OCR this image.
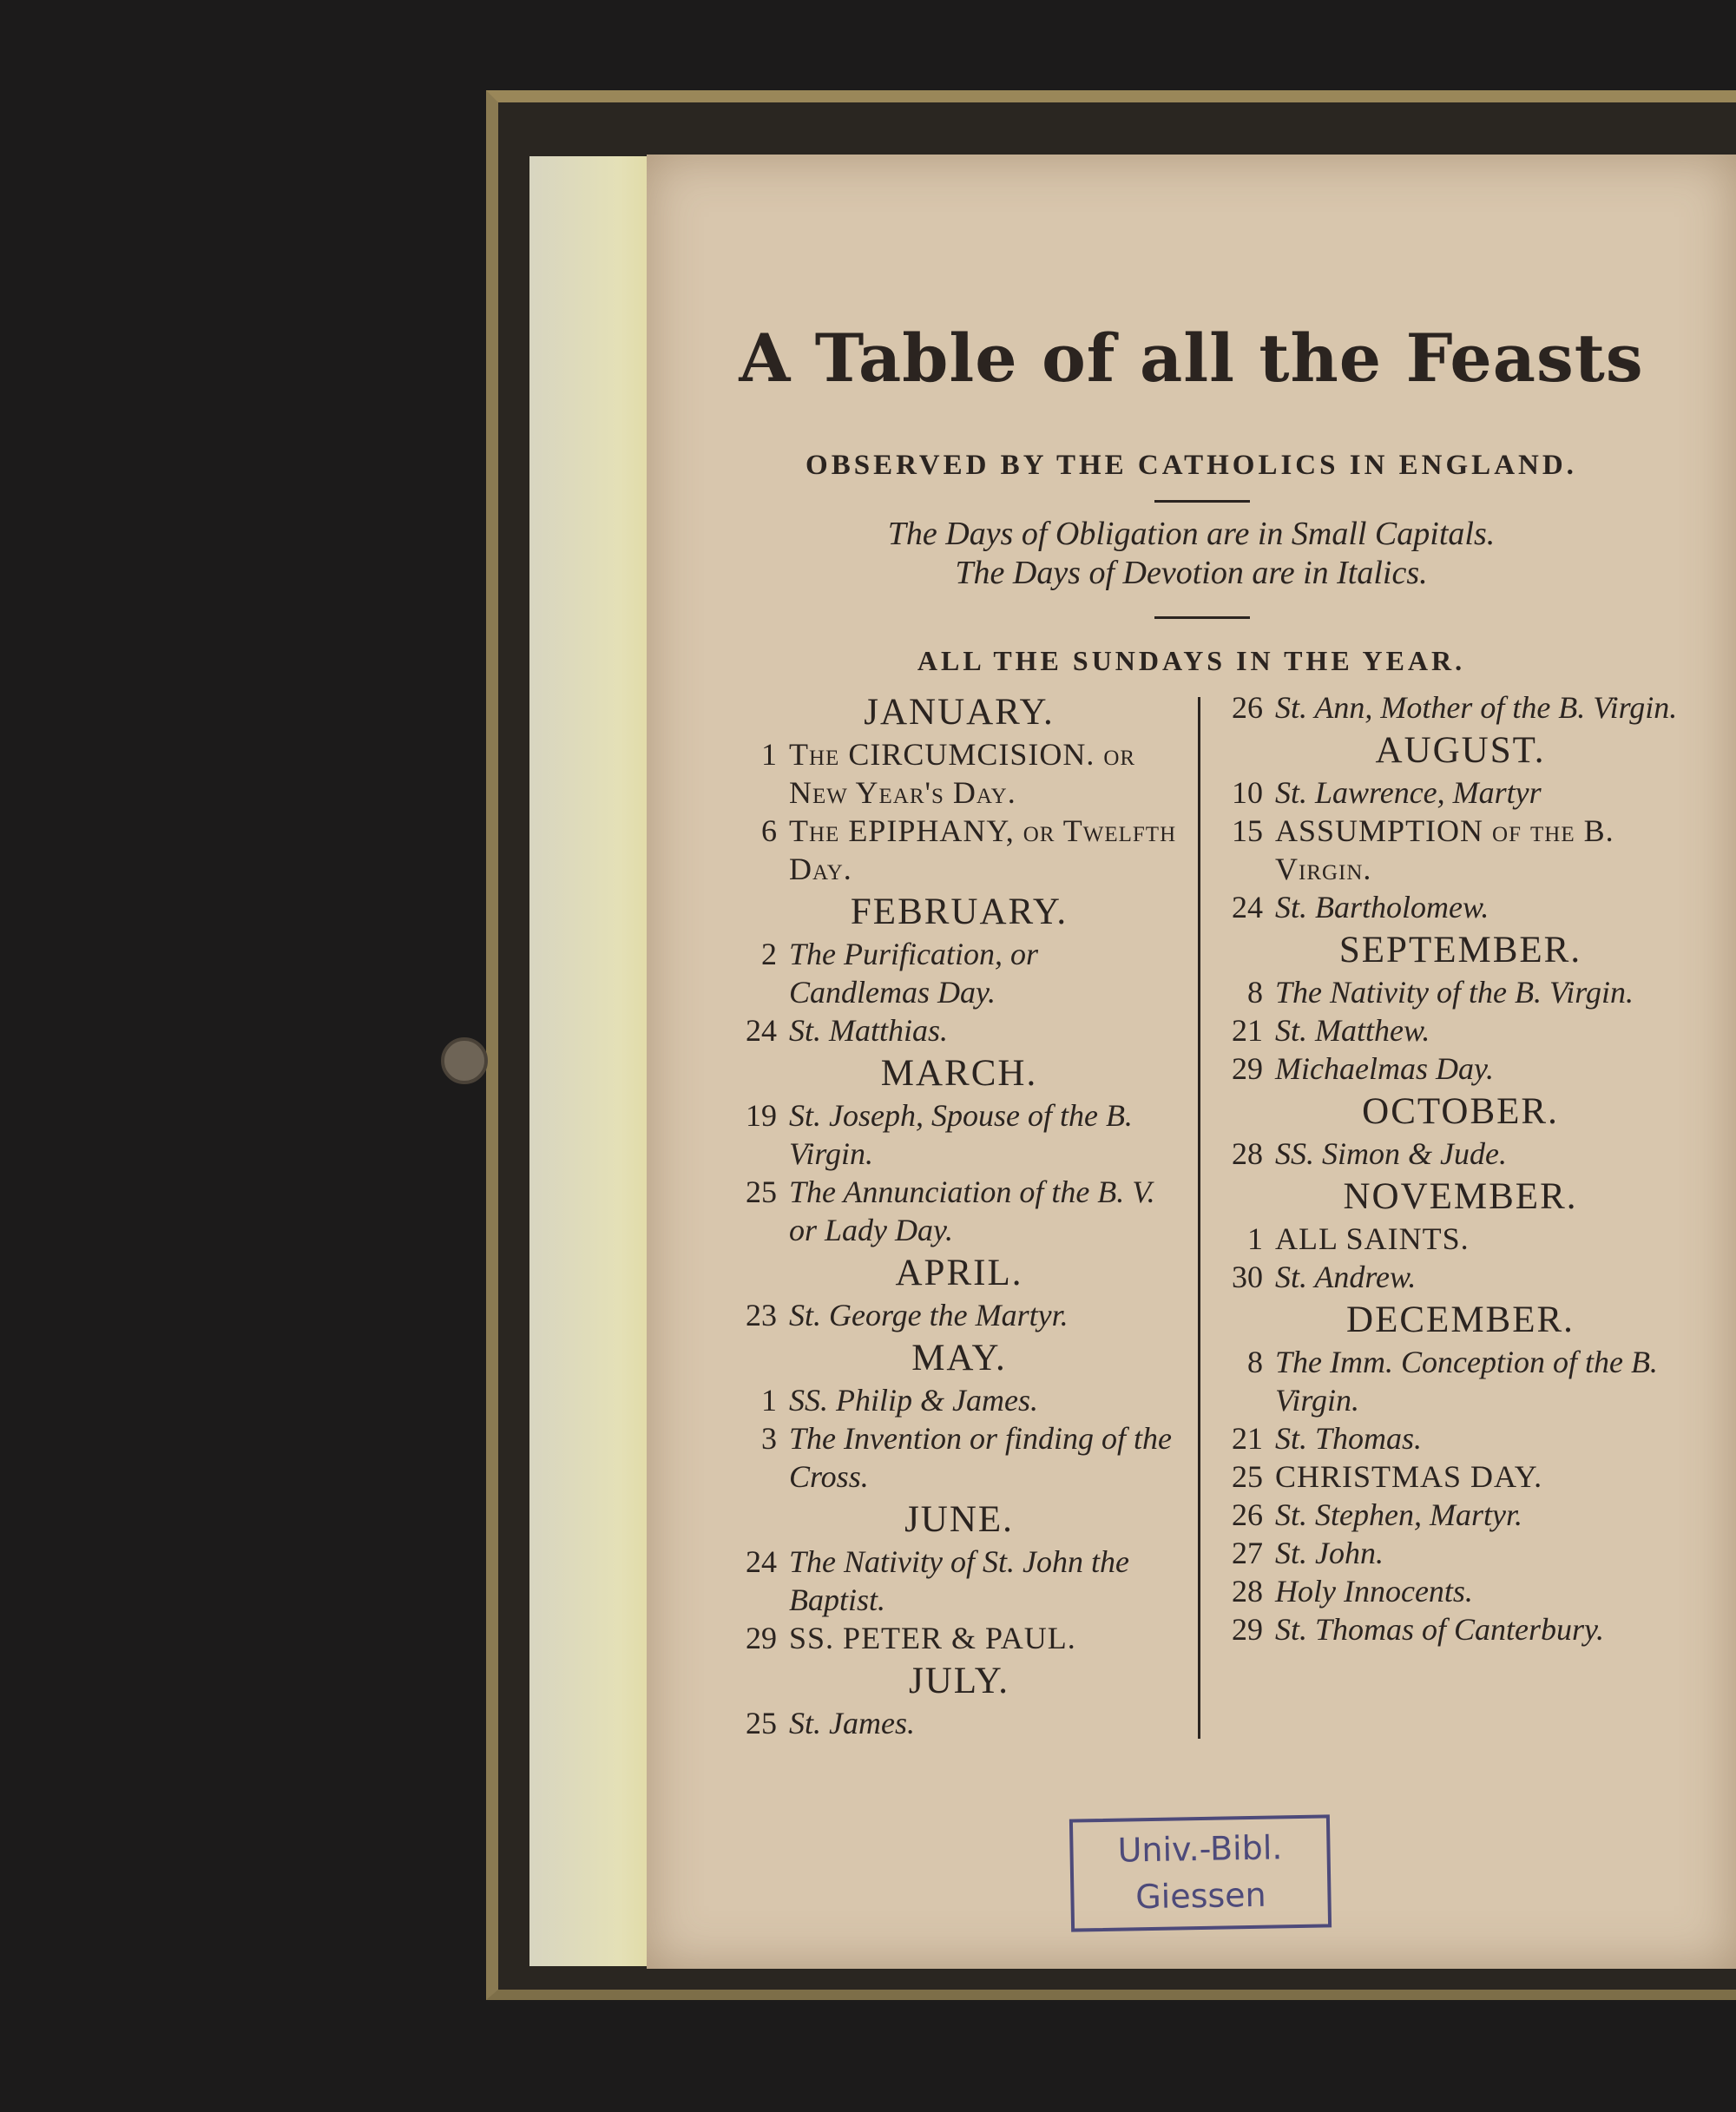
A Table of all the Feasts
OBSERVED BY THE CATHOLICS IN ENGLAND.
The Days of Obligation are in Small Capitals.
The Days of Devotion are in Italics.
ALL THE SUNDAYS IN THE YEAR.
JANUARY.
1 The CIRCUMCISION. or New Year's Day.
6 The EPIPHANY, or Twelfth Day.
FEBRUARY.
2 The Purification, or Candlemas Day.
24 St. Matthias.
MARCH.
19 St. Joseph, Spouse of the B. Virgin.
25 The Annunciation of the B. V. or Lady Day.
APRIL.
23 St. George the Martyr.
MAY.
1 SS. Philip & James.
3 The Invention or finding of the Cross.
JUNE.
24 The Nativity of St. John the Baptist.
29 SS. PETER & PAUL.
JULY.
25 St. James.
26 St. Ann, Mother of the B. Virgin.
AUGUST.
10 St. Lawrence, Martyr
15 ASSUMPTION of the B. Virgin.
24 St. Bartholomew.
SEPTEMBER.
8 The Nativity of the B. Virgin.
21 St. Matthew.
29 Michaelmas Day.
OCTOBER.
28 SS. Simon & Jude.
NOVEMBER.
1 ALL SAINTS.
30 St. Andrew.
DECEMBER.
8 The Imm. Conception of the B. Virgin.
21 St. Thomas.
25 CHRISTMAS DAY.
26 St. Stephen, Martyr.
27 St. John.
28 Holy Innocents.
29 St. Thomas of Canterbury.
Univ.-Bibl.
Giessen
